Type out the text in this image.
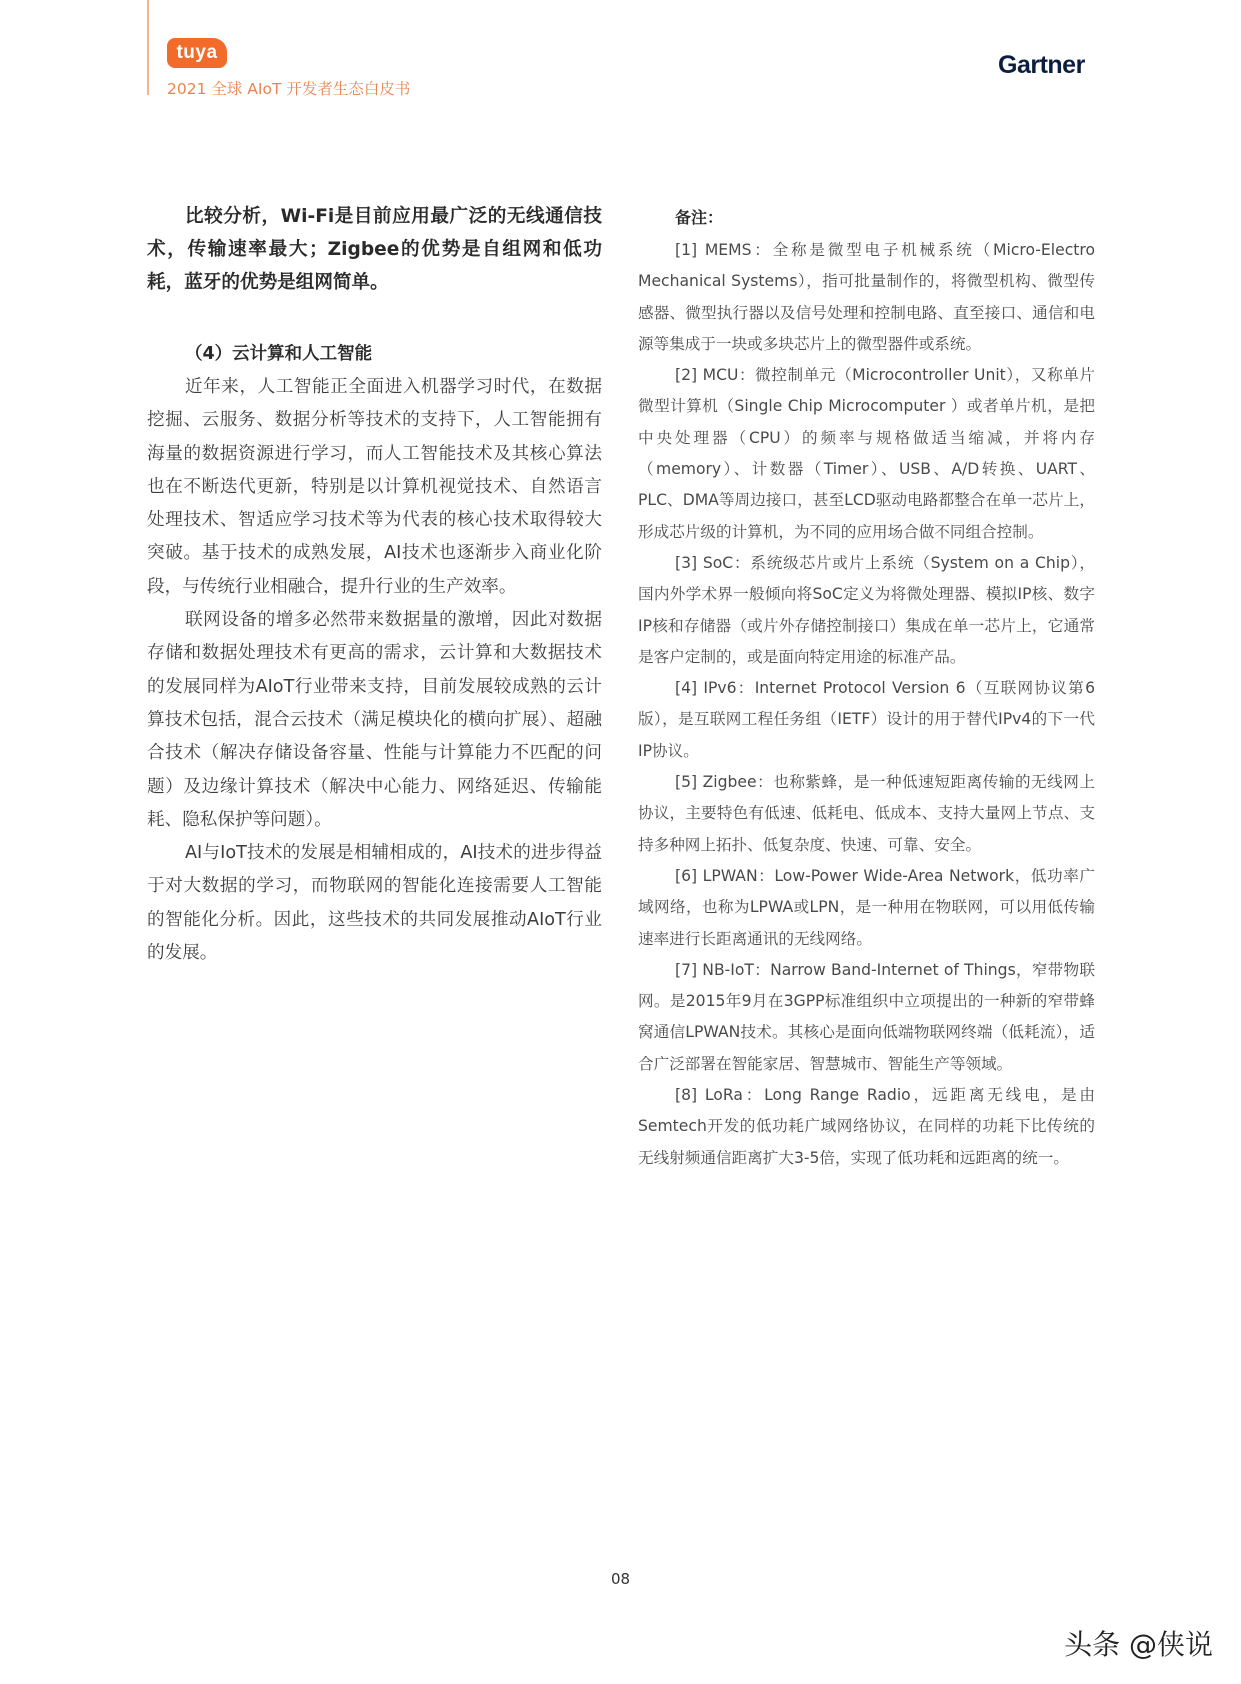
tuya
2021 全球 AIoT 开发者生态白皮书
Gartner

比较分析，Wi-Fi是目前应用最广泛的无线通信技术，传输速率最大；Zigbee的优势是自组网和低功耗，蓝牙的优势是组网简单。

（4）云计算和人工智能

近年来，人工智能正全面进入机器学习时代，在数据挖掘、云服务、数据分析等技术的支持下，人工智能拥有海量的数据资源进行学习，而人工智能技术及其核心算法也在不断迭代更新，特别是以计算机视觉技术、自然语言处理技术、智适应学习技术等为代表的核心技术取得较大突破。基于技术的成熟发展，AI技术也逐渐步入商业化阶段，与传统行业相融合，提升行业的生产效率。

联网设备的增多必然带来数据量的激增，因此对数据存储和数据处理技术有更高的需求，云计算和大数据技术的发展同样为AIoT行业带来支持，目前发展较成熟的云计算技术包括，混合云技术（满足模块化的横向扩展）、超融合技术（解决存储设备容量、性能与计算能力不匹配的问题）及边缘计算技术（解决中心能力、网络延迟、传输能耗、隐私保护等问题）。

AI与IoT技术的发展是相辅相成的，AI技术的进步得益于对大数据的学习，而物联网的智能化连接需要人工智能的智能化分析。因此，这些技术的共同发展推动AIoT行业的发展。

备注：

[1] MEMS：全称是微型电子机械系统（Micro-Electro Mechanical Systems），指可批量制作的，将微型机构、微型传感器、微型执行器以及信号处理和控制电路、直至接口、通信和电源等集成于一块或多块芯片上的微型器件或系统。

[2] MCU：微控制单元（Microcontroller Unit），又称单片微型计算机（Single Chip Microcomputer ）或者单片机，是把中央处理器（CPU）的频率与规格做适当缩减，并将内存（memory）、计数器（Timer）、USB、A/D转换、UART、PLC、DMA等周边接口，甚至LCD驱动电路都整合在单一芯片上，形成芯片级的计算机，为不同的应用场合做不同组合控制。

[3] SoC：系统级芯片或片上系统（System on a Chip），国内外学术界一般倾向将SoC定义为将微处理器、模拟IP核、数字IP核和存储器（或片外存储控制接口）集成在单一芯片上，它通常是客户定制的，或是面向特定用途的标准产品。

[4] IPv6：Internet Protocol Version 6（互联网协议第6版），是互联网工程任务组（IETF）设计的用于替代IPv4的下一代IP协议。

[5] Zigbee：也称紫蜂，是一种低速短距离传输的无线网上协议，主要特色有低速、低耗电、低成本、支持大量网上节点、支持多种网上拓扑、低复杂度、快速、可靠、安全。

[6] LPWAN：Low-Power Wide-Area Network，低功率广域网络，也称为LPWA或LPN，是一种用在物联网，可以用低传输速率进行长距离通讯的无线网络。

[7] NB-IoT：Narrow Band-Internet of Things，窄带物联网。是2015年9月在3GPP标准组织中立项提出的一种新的窄带蜂窝通信LPWAN技术。其核心是面向低端物联网终端（低耗流），适合广泛部署在智能家居、智慧城市、智能生产等领域。

[8] LoRa：Long Range Radio，远距离无线电，是由Semtech开发的低功耗广域网络协议，在同样的功耗下比传统的无线射频通信距离扩大3-5倍，实现了低功耗和远距离的统一。

08
头条 @侠说
